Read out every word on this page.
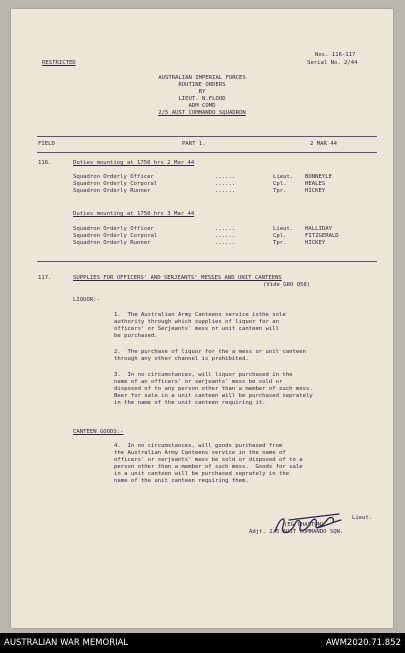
RESTRICTED
Nos. 116-117
Serial No. 2/44
AUSTRALIAN IMPERIAL FORCES
ROUTINE ORDERS
BY
LIEUT. N.FLOOD
ADM COMD
2/5 AUST COMMANDO SQUADRON
FIELD	PART 1.	2 MAR 44
116.	Duties mounting at 1750 hrs 2 Mar 44
Squadron Orderly Officer	......	Lieut. BONNEYLE
Squadron Orderly Corporal	......	Cpl.	HEALES
Squadron Orderly Runner	......	Tpr.	HICKEY
Duties mounting at 1750 hrs 3 Mar 44
Squadron Orderly Officer	......	Lieut. HALLIDAY
Squadron Orderly Corporal	......	Cpl.	FITZGERALD
Squadron Orderly Runner	......	Tpr.	HICKEY
117.	SUPPLIES FOR OFFICERS' AND SERJEANTS' MESSES AND UNIT CANTEENS
(Vide GRO Q58)
LIQUOR:-
1.  The Australian Army Canteens service isthe sole
authority through which supplies of liquor for an
officers' or Serjeants' mess or unit canteen will
be purchased.
2.  The purchase of liquor for the a mess or unit canteen
through any other channel is prohibited.
3.  In no circumstances, will liquor purchased in the
name of an officers' or serjeants' mess be sold or
disposed of to any person other than a member of such mess.
Beer for sale in a unit canteen will be purchased seprately
in the name of the unit canteen requiring it.
CANTEEN GOODS:-
4.  In no circumstances, will goods purchased from
the Australian Army Canteens service in the name of
officers' or serjeants' mess be sold or disposed of to a
person other than a member of such mess.  Goods for sale
in a unit canteen will be purchased seprately in the
name of the unit canteen requiring them.
Lieut.
(EG CHASTON)
Adjt. 2/5 AUST COMMANDO SQN.
AUSTRALIAN WAR MEMORIAL	AWM2020.71.852
